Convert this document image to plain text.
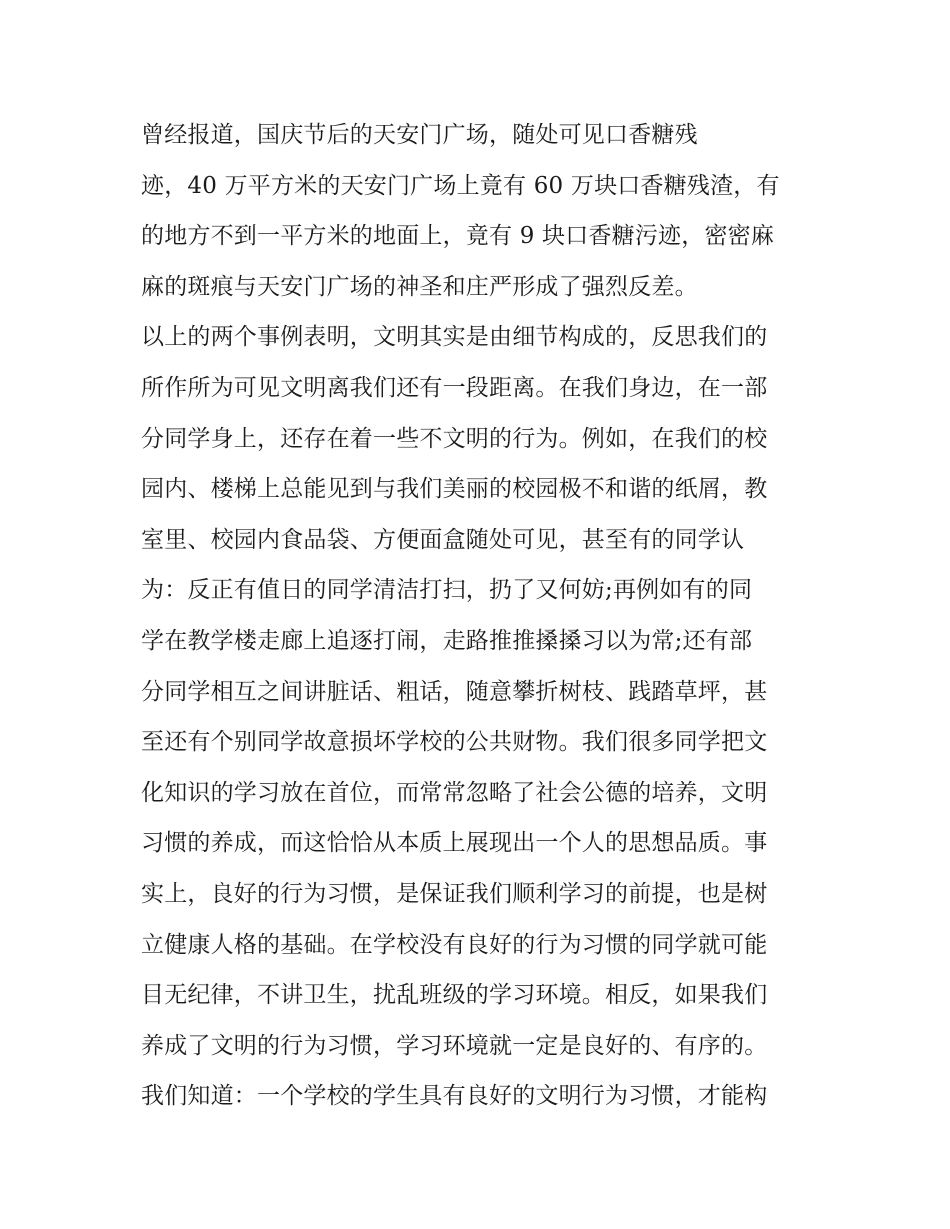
曾经报道，国庆节后的天安门广场，随处可见口香糖残
迹，40 万平方米的天安门广场上竟有 60 万块口香糖残渣，有
的地方不到一平方米的地面上，竟有 9 块口香糖污迹，密密麻
麻的斑痕与天安门广场的神圣和庄严形成了强烈反差。
以上的两个事例表明，文明其实是由细节构成的，反思我们的
所作所为可见文明离我们还有一段距离。在我们身边，在一部
分同学身上，还存在着一些不文明的行为。例如，在我们的校
园内、楼梯上总能见到与我们美丽的校园极不和谐的纸屑，教
室里、校园内食品袋、方便面盒随处可见，甚至有的同学认
为：反正有值日的同学清洁打扫，扔了又何妨;再例如有的同
学在教学楼走廊上追逐打闹，走路推推搡搡习以为常;还有部
分同学相互之间讲脏话、粗话，随意攀折树枝、践踏草坪，甚
至还有个别同学故意损坏学校的公共财物。我们很多同学把文
化知识的学习放在首位，而常常忽略了社会公德的培养，文明
习惯的养成，而这恰恰从本质上展现出一个人的思想品质。事
实上，良好的行为习惯，是保证我们顺利学习的前提，也是树
立健康人格的基础。在学校没有良好的行为习惯的同学就可能
目无纪律，不讲卫生，扰乱班级的学习环境。相反，如果我们
养成了文明的行为习惯，学习环境就一定是良好的、有序的。
我们知道：一个学校的学生具有良好的文明行为习惯，才能构
